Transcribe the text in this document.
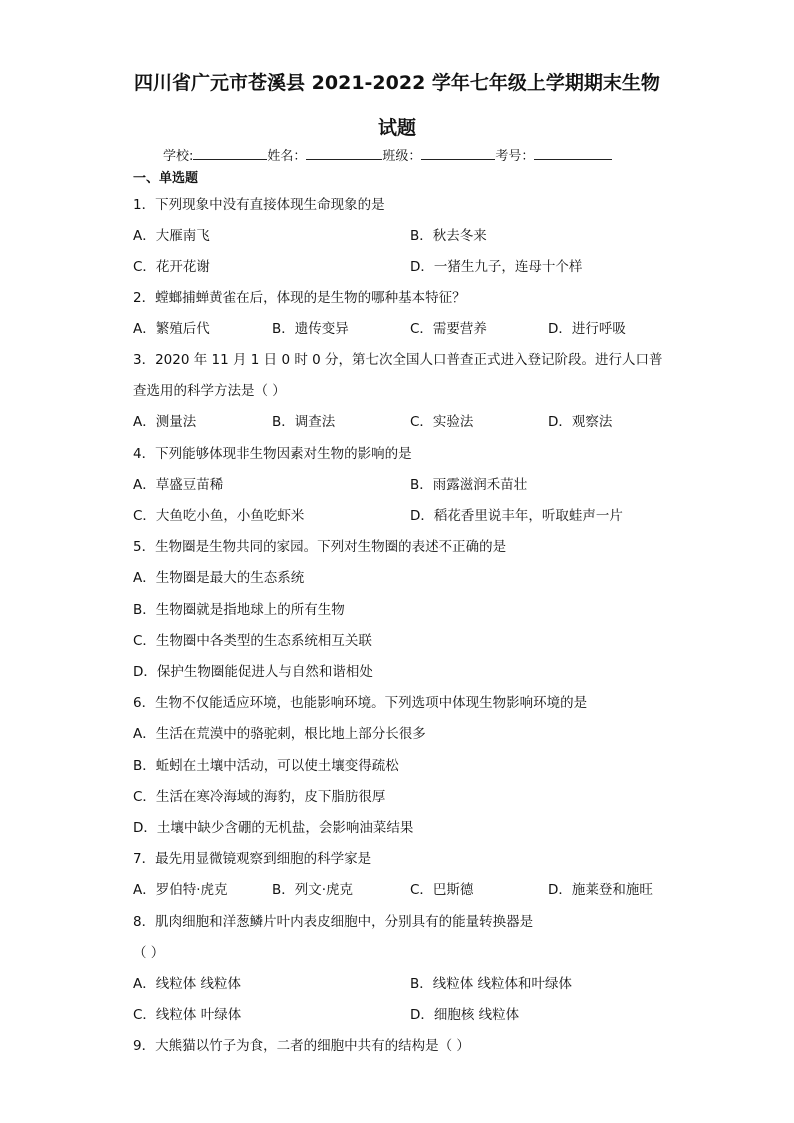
四川省广元市苍溪县 2021-2022 学年七年级上学期期末生物
试题
学校:	姓名：	班级：	考号：
一、单选题
1．下列现象中没有直接体现生命现象的是
A．大雁南飞	B．秋去冬来
C．花开花谢	D．一猪生九子，连母十个样
2．螳螂捕蝉黄雀在后，体现的是生物的哪种基本特征？
A．繁殖后代	B．遗传变异	C．需要营养	D．进行呼吸
3．2020 年 11 月 1 日 0 时 0 分，第七次全国人口普查正式进入登记阶段。进行人口普
查选用的科学方法是（ ）
A．测量法	B．调查法	C．实验法	D．观察法
4．下列能够体现非生物因素对生物的影响的是
A．草盛豆苗稀	B．雨露滋润禾苗壮
C．大鱼吃小鱼，小鱼吃虾米	D．稻花香里说丰年，听取蛙声一片
5．生物圈是生物共同的家园。下列对生物圈的表述不正确的是
A．生物圈是最大的生态系统
B．生物圈就是指地球上的所有生物
C．生物圈中各类型的生态系统相互关联
D．保护生物圈能促进人与自然和谐相处
6．生物不仅能适应环境，也能影响环境。下列选项中体现生物影响环境的是
A．生活在荒漠中的骆驼刺，根比地上部分长很多
B．蚯蚓在土壤中活动，可以使土壤变得疏松
C．生活在寒冷海域的海豹，皮下脂肪很厚
D．土壤中缺少含硼的无机盐，会影响油菜结果
7．最先用显微镜观察到细胞的科学家是
A．罗伯特·虎克	B．列文·虎克	C．巴斯德	D．施莱登和施旺
8．肌肉细胞和洋葱鳞片叶内表皮细胞中，分别具有的能量转换器是
（ ）
A．线粒体 线粒体	B．线粒体 线粒体和叶绿体
C．线粒体 叶绿体	D．细胞核 线粒体
9．大熊猫以竹子为食，二者的细胞中共有的结构是（ ）
